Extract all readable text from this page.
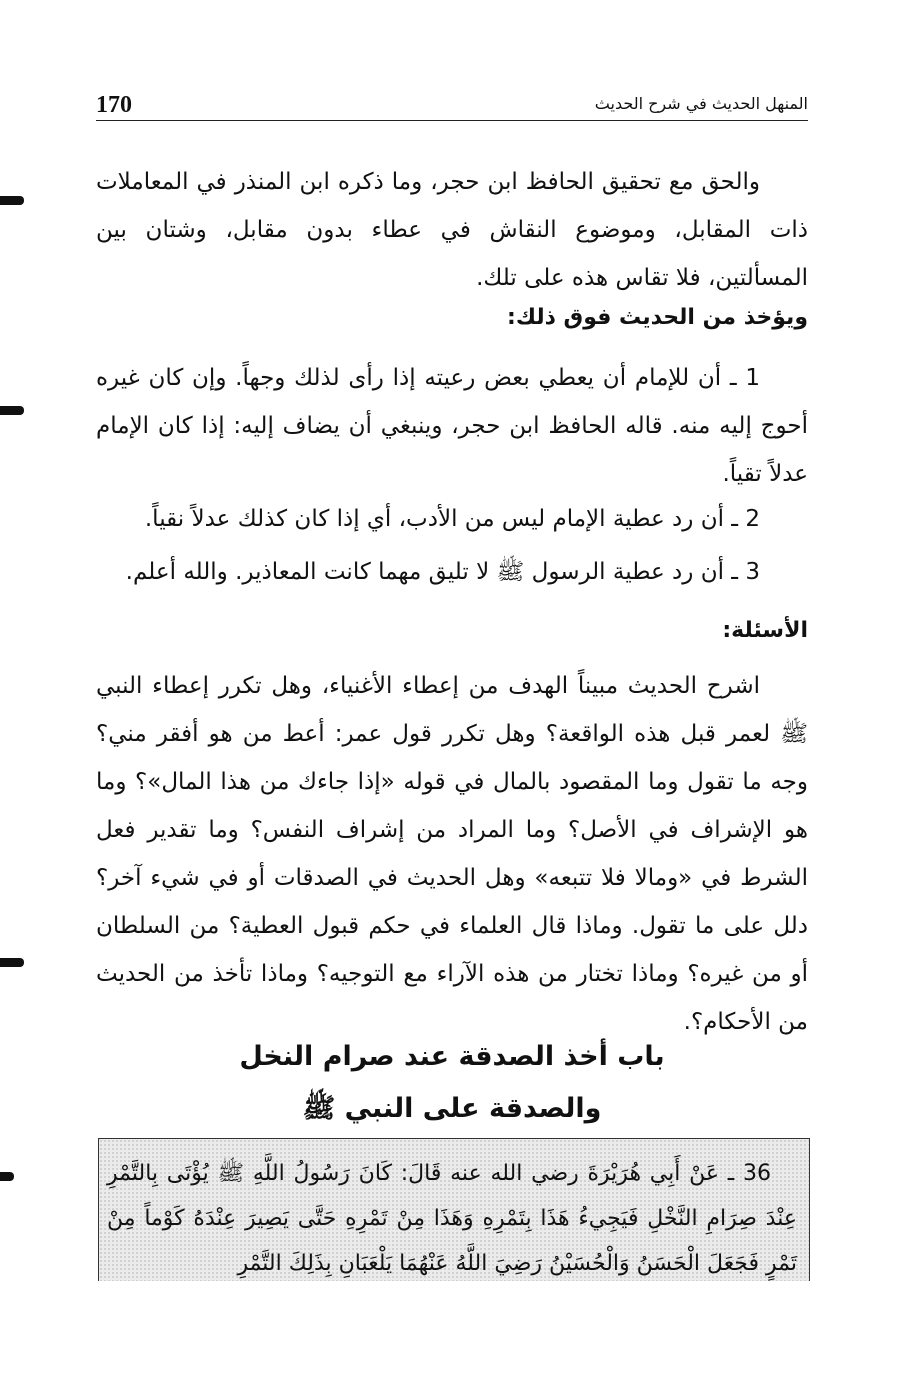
170	المنهل الحديث في شرح الحديث
والحق مع تحقيق الحافظ ابن حجر، وما ذكره ابن المنذر في المعاملات ذات المقابل، وموضوع النقاش في عطاء بدون مقابل، وشتان بين المسألتين، فلا تقاس هذه على تلك.
ويؤخذ من الحديث فوق ذلك:
1 ـ أن للإمام أن يعطي بعض رعيته إذا رأى لذلك وجهاً. وإن كان غيره أحوج إليه منه. قاله الحافظ ابن حجر، وينبغي أن يضاف إليه: إذا كان الإمام عدلاً تقياً.
2 ـ أن رد عطية الإمام ليس من الأدب، أي إذا كان كذلك عدلاً نقياً.
3 ـ أن رد عطية الرسول ﷺ لا تليق مهما كانت المعاذير. والله أعلم.
الأسئلة:
اشرح الحديث مبيناً الهدف من إعطاء الأغنياء، وهل تكرر إعطاء النبي ﷺ لعمر قبل هذه الواقعة؟ وهل تكرر قول عمر: أعط من هو أفقر مني؟ وجه ما تقول وما المقصود بالمال في قوله «إذا جاءك من هذا المال»؟ وما هو الإشراف في الأصل؟ وما المراد من إشراف النفس؟ وما تقدير فعل الشرط في «ومالا فلا تتبعه» وهل الحديث في الصدقات أو في شيء آخر؟ دلل على ما تقول. وماذا قال العلماء في حكم قبول العطية؟ من السلطان أو من غيره؟ وماذا تختار من هذه الآراء مع التوجيه؟ وماذا تأخذ من الحديث من الأحكام؟.
باب أخذ الصدقة عند صرام النخل
والصدقة على النبي ﷺ
36 ـ عَنْ أَبِي هُرَيْرَةَ رضي الله عنه قَالَ: كَانَ رَسُولُ اللَّهِ ﷺ يُؤْتَى بِالتَّمْرِ عِنْدَ صِرَامِ النَّخْلِ فَيَجِيءُ هَذَا بِتَمْرِهِ وَهَذَا مِنْ تَمْرِهِ حَتَّى يَصِيرَ عِنْدَهُ كَوْماً مِنْ تَمْرٍ فَجَعَلَ الْحَسَنُ وَالْحُسَيْنُ رَضِيَ اللَّهُ عَنْهُمَا يَلْعَبَانِ بِذَلِكَ التَّمْرِ
